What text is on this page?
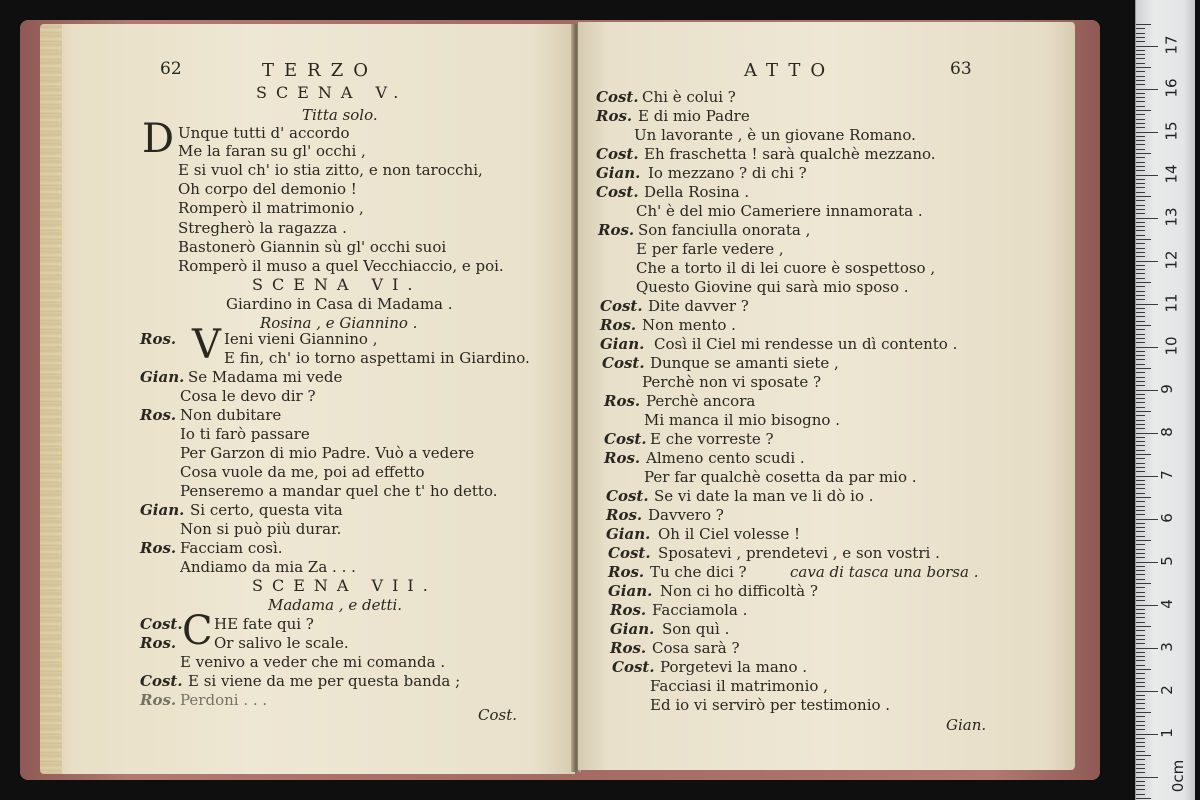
62	TERZO
SCENA V.
Titta solo.
D Unque tutti d' accordo
Me la faran su gl' occhi ,
E si vuol ch' io stia zitto, e non tarocchi,
Oh corpo del demonio !
Romperò il matrimonio ,
Stregherò la ragazza .
Bastonerò Giannin sù gl' occhi suoi
Romperò il muso a quel Vecchiaccio, e poi.
SCENA VI.
Giardino in Casa di Madama .
Rosina , e Giannino .
Ros. V Ieni vieni Giannino ,
E fin, ch' io torno aspettami in Giardino.
Gian. Se Madama mi vede
Cosa le devo dir ?
Ros. Non dubitare
Io ti farò passare
Per Garzon di mio Padre. Vuò a vedere
Cosa vuole da me, poi ad effetto
Penseremo a mandar quel che t' ho detto.
Gian. Si certo, questa vita
Non si può più durar.
Ros. Facciam così.
Andiamo da mia Za . . .
SCENA VII.
Madama , e detti.
Cost. C HE fate qui ?
Ros.	Or salivo le scale.
E venivo a veder che mi comanda .
Cost. E si viene da me per questa banda ;
Ros. Perdoni . . .
Cost.
ATTO	63
Cost. Chi è colui ?
Ros. E di mio Padre
Un lavorante , è un giovane Romano.
Cost. Eh fraschetta ! sarà qualchè mezzano.
Gian. Io mezzano ? di chi ?
Cost. Della Rosina .
Ch' è del mio Cameriere innamorata .
Ros. Son fanciulla onorata ,
E per farle vedere ,
Che a torto il di lei cuore è sospettoso ,
Questo Giovine qui sarà mio sposo .
Cost. Dite davver ?
Ros. Non mento .
Gian. Così il Ciel mi rendesse un dì contento .
Cost. Dunque se amanti siete ,
Perchè non vi sposate ?
Ros. Perchè ancora
Mi manca il mio bisogno .
Cost. E che vorreste ?
Ros. Almeno cento scudi .
Per far qualchè cosetta da par mio .
Cost. Se vi date la man ve li dò io .
Ros. Davvero ?
Gian. Oh il Ciel volesse !
Cost. Sposatevi , prendetevi , e son vostri .
Ros. Tu che dici ?	cava di tasca una borsa .
Gian. Non ci ho difficoltà ?
Ros. Facciamola .
Gian. Son quì .
Ros. Cosa sarà ?
Cost. Porgetevi la mano .
Facciasi il matrimonio ,
Ed io vi servirò per testimonio .
Gian.
17
16
15
14
13
12
11
10
9
8
7
6
5
4
3
2
1
0cm
